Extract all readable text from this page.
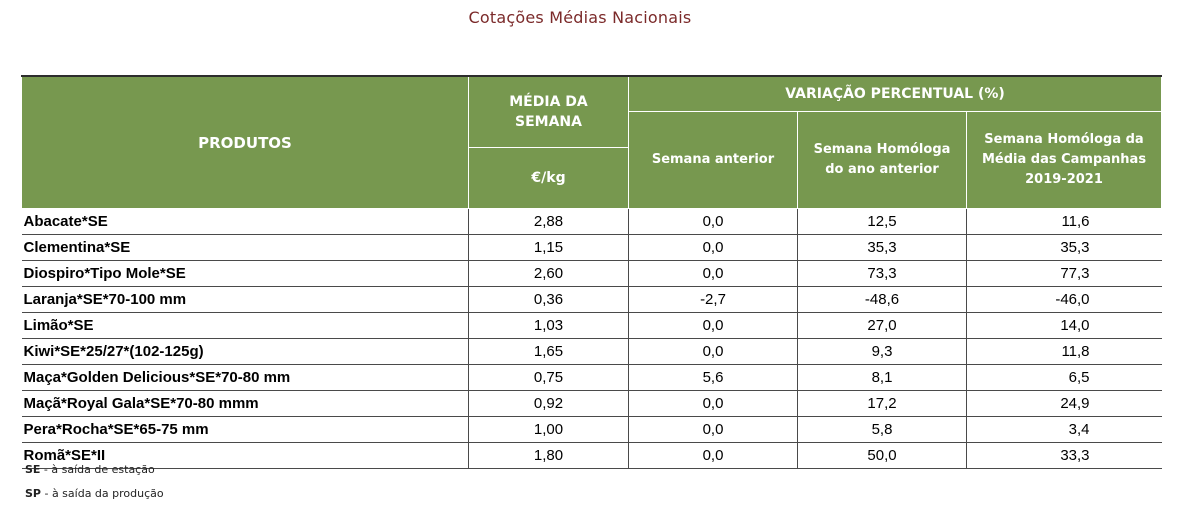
Cotações Médias Nacionais
PRODUTOS	MÉDIA DA SEMANA	VARIAÇÃO PERCENTUAL (%)		
		Semana anterior	Semana Homóloga do ano anterior	Semana Homóloga da Média das Campanhas 2019-2021
	€/kg			
Abacate*SE	2,88	0,0	12,5	11,6
Clementina*SE	1,15	0,0	35,3	35,3
Diospiro*Tipo Mole*SE	2,60	0,0	73,3	77,3
Laranja*SE*70-100 mm	0,36	-2,7	-48,6	-46,0
Limão*SE	1,03	0,0	27,0	14,0
Kiwi*SE*25/27*(102-125g)	1,65	0,0	9,3	11,8
Maça*Golden Delicious*SE*70-80 mm	0,75	5,6	8,1	6,5
Maçã*Royal Gala*SE*70-80 mmm	0,92	0,0	17,2	24,9
Pera*Rocha*SE*65-75 mm	1,00	0,0	5,8	3,4
Romã*SE*II	1,80	0,0	50,0	33,3
SE - à saída de estação
SP - à saída da produção
